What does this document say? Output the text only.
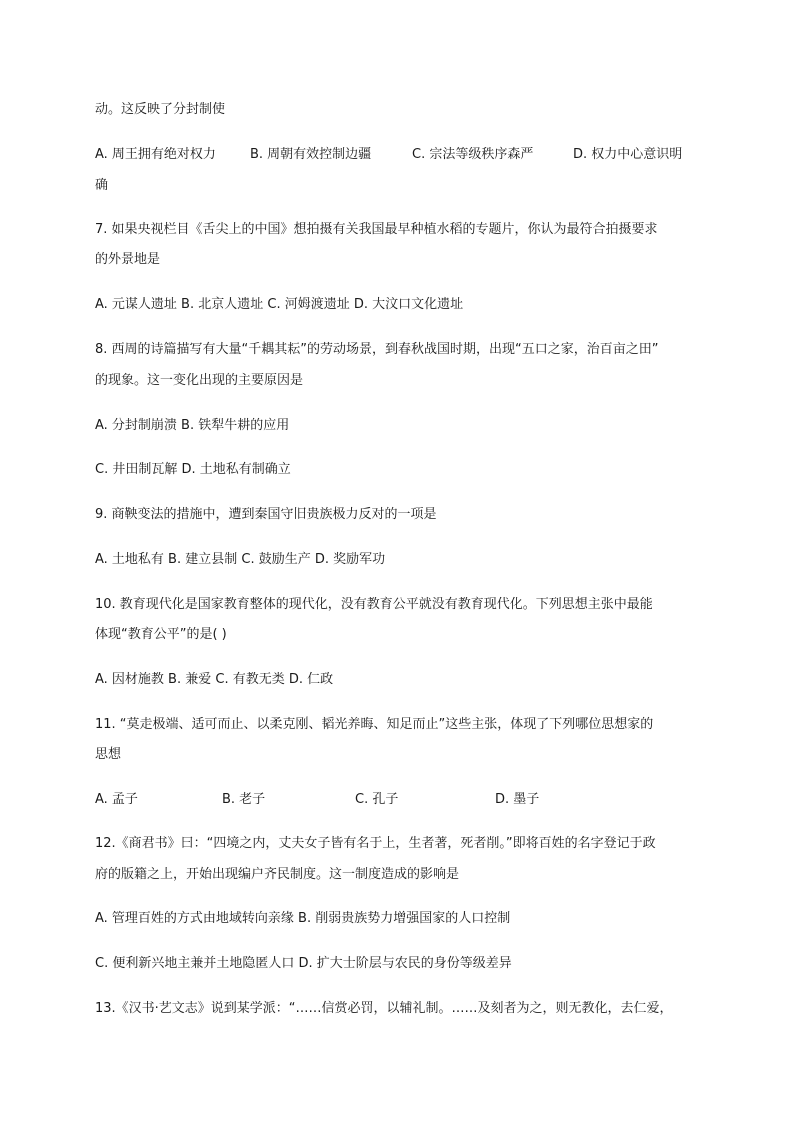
动。这反映了分封制使
A. 周王拥有绝对权力	B. 周朝有效控制边疆	C. 宗法等级秩序森严	D. 权力中心意识明
确
7. 如果央视栏目《舌尖上的中国》想拍摄有关我国最早种植水稻的专题片，你认为最符合拍摄要求
的外景地是
A. 元谋人遗址 B. 北京人遗址 C. 河姆渡遗址 D. 大汶口文化遗址
8. 西周的诗篇描写有大量“千耦其耘”的劳动场景，到春秋战国时期，出现“五口之家，治百亩之田”
的现象。这一变化出现的主要原因是
A. 分封制崩溃 B. 铁犁牛耕的应用
C. 井田制瓦解 D. 土地私有制确立
9. 商鞅变法的措施中，遭到秦国守旧贵族极力反对的一项是
A. 土地私有 B. 建立县制 C. 鼓励生产 D. 奖励军功
10. 教育现代化是国家教育整体的现代化，没有教育公平就没有教育现代化。下列思想主张中最能
体现“教育公平”的是( )
A. 因材施教 B. 兼爱 C. 有教无类 D. 仁政
11. “莫走极端、适可而止、以柔克刚、韬光养晦、知足而止”这些主张，体现了下列哪位思想家的
思想
A. 孟子	B. 老子	C. 孔子	D. 墨子
12.《商君书》曰：“四境之内，丈夫女子皆有名于上，生者著，死者削。”即将百姓的名字登记于政
府的版籍之上，开始出现编户齐民制度。这一制度造成的影响是
A. 管理百姓的方式由地域转向亲缘 B. 削弱贵族势力增强国家的人口控制
C. 便利新兴地主兼并土地隐匿人口 D. 扩大士阶层与农民的身份等级差异
13.《汉书·艺文志》说到某学派：“……信赏必罚，以辅礼制。……及刻者为之，则无教化，去仁爱，
